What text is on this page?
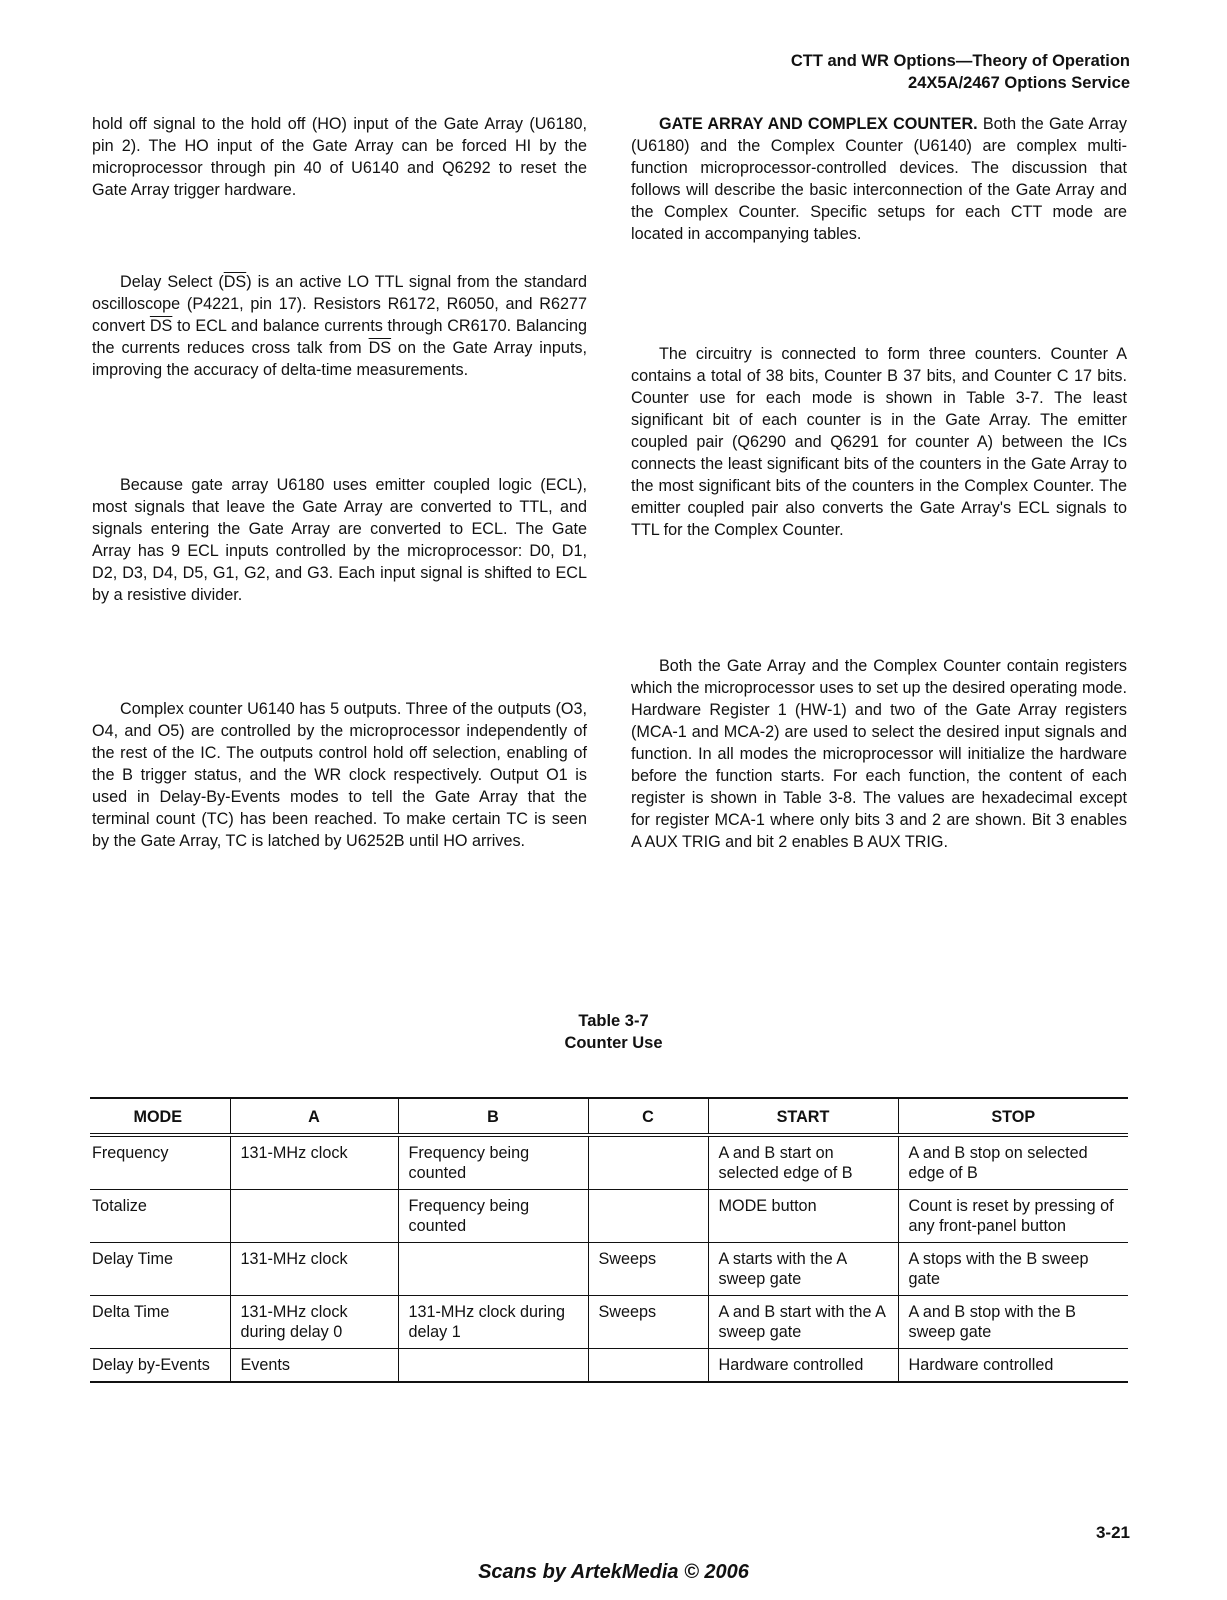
CTT and WR Options—Theory of Operation
24X5A/2467 Options Service

hold off signal to the hold off (HO) input of the Gate Array (U6180, pin 2). The HO input of the Gate Array can be forced HI by the microprocessor through pin 40 of U6140 and Q6292 to reset the Gate Array trigger hardware.

Delay Select $(\overline{DS})$ is an active LO TTL signal from the standard oscilloscope (P4221, pin 17). Resistors R6172, R6050, and R6277 convert $\overline{DS}$ to ECL and balance currents through CR6170. Balancing the currents reduces cross talk from $\overline{DS}$ on the Gate Array inputs, improving the accuracy of delta-time measurements.

Because gate array U6180 uses emitter coupled logic (ECL), most signals that leave the Gate Array are converted to TTL, and signals entering the Gate Array are converted to ECL. The Gate Array has 9 ECL inputs controlled by the microprocessor: D0, D1, D2, D3, D4, D5, G1, G2, and G3. Each input signal is shifted to ECL by a resistive divider.

Complex counter U6140 has 5 outputs. Three of the outputs (O3, O4, and O5) are controlled by the microprocessor independently of the rest of the IC. The outputs control hold off selection, enabling of the B trigger status, and the WR clock respectively. Output O1 is used in Delay-By-Events modes to tell the Gate Array that the terminal count (TC) has been reached. To make certain TC is seen by the Gate Array, TC is latched by U6252B until HO arrives.

GATE ARRAY AND COMPLEX COUNTER. Both the Gate Array (U6180) and the Complex Counter (U6140) are complex multi-function microprocessor-controlled devices. The discussion that follows will describe the basic interconnection of the Gate Array and the Complex Counter. Specific setups for each CTT mode are located in accompanying tables.

The circuitry is connected to form three counters. Counter A contains a total of 38 bits, Counter B 37 bits, and Counter C 17 bits. Counter use for each mode is shown in Table 3-7. The least significant bit of each counter is in the Gate Array. The emitter coupled pair (Q6290 and Q6291 for counter A) between the ICs connects the least significant bits of the counters in the Gate Array to the most significant bits of the counters in the Complex Counter. The emitter coupled pair also converts the Gate Array's ECL signals to TTL for the Complex Counter.

Both the Gate Array and the Complex Counter contain registers which the microprocessor uses to set up the desired operating mode. Hardware Register 1 (HW-1) and two of the Gate Array registers (MCA-1 and MCA-2) are used to select the desired input signals and function. In all modes the microprocessor will initialize the hardware before the function starts. For each function, the content of each register is shown in Table 3-8. The values are hexadecimal except for register MCA-1 where only bits 3 and 2 are shown. Bit 3 enables A AUX TRIG and bit 2 enables B AUX TRIG.

Table 3-7
Counter Use
MODE	A	B	C	START	STOP
Frequency	131-MHz clock	Frequency being counted		A and B start on selected edge of B	A and B stop on selected edge of B
Totalize		Frequency being counted		MODE button	Count is reset by pressing of any front-panel button
Delay Time	131-MHz clock		Sweeps	A starts with the A sweep gate	A stops with the B sweep gate
Delta Time	131-MHz clock during delay 0	131-MHz clock during delay 1	Sweeps	A and B start with the A sweep gate	A and B stop with the B sweep gate
Delay by-Events	Events			Hardware controlled	Hardware controlled
3-21
Scans by ArtekMedia © 2006
